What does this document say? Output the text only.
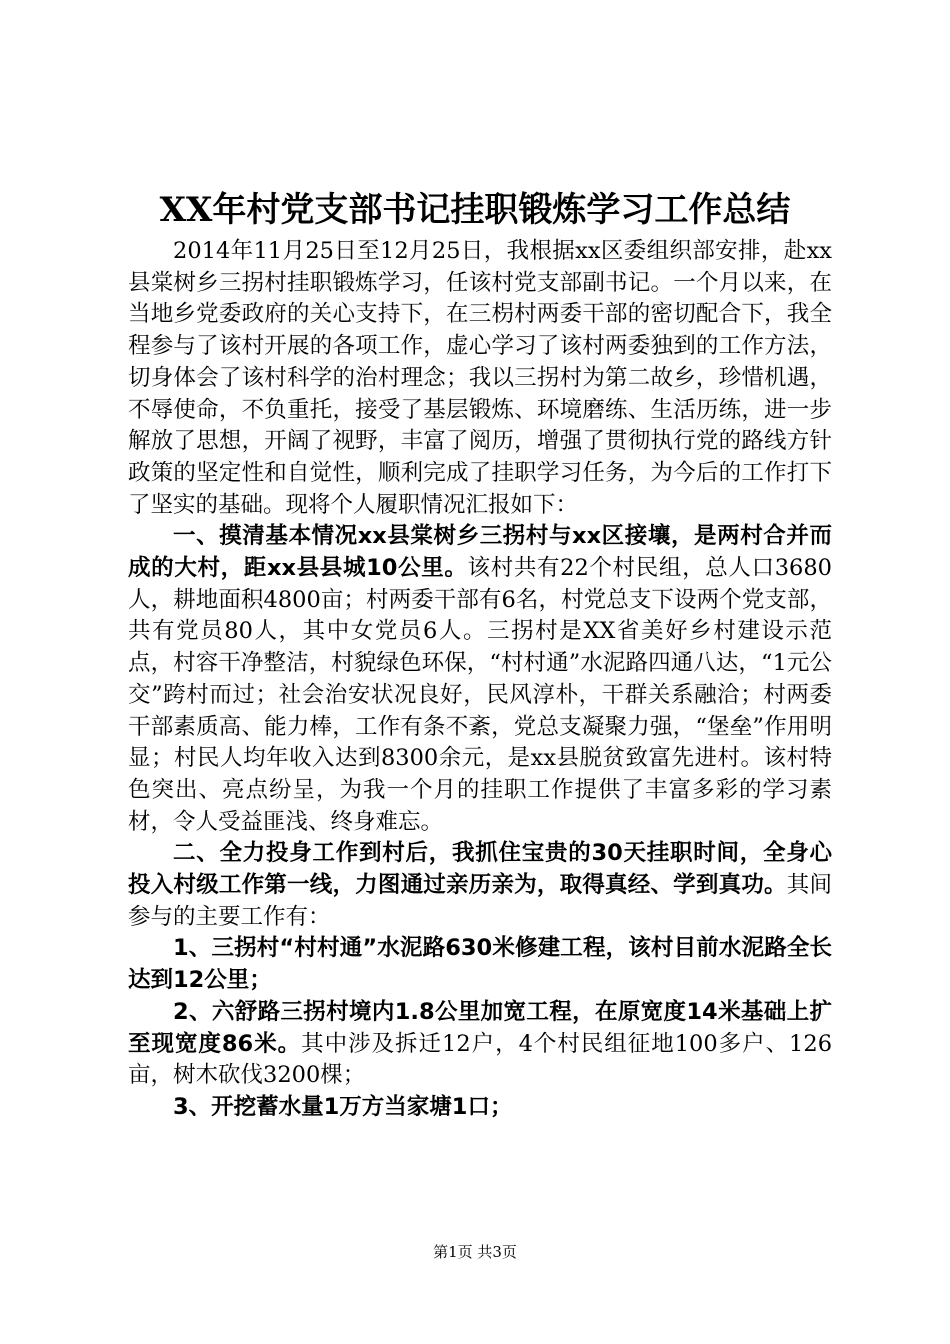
XX年村党支部书记挂职锻炼学习工作总结

2014年11月25日至12月25日，我根据xx区委组织部安排，赴xx县棠树乡三拐村挂职锻炼学习，任该村党支部副书记。一个月以来，在当地乡党委政府的关心支持下，在三枴村两委干部的密切配合下，我全程参与了该村开展的各项工作，虚心学习了该村两委独到的工作方法，切身体会了该村科学的治村理念；我以三拐村为第二故乡，珍惜机遇，不辱使命，不负重托，接受了基层锻炼、环境磨练、生活历练，进一步解放了思想，开阔了视野，丰富了阅历，增强了贯彻执行党的路线方针政策的坚定性和自觉性，顺利完成了挂职学习任务，为今后的工作打下了坚实的基础。现将个人履职情况汇报如下：

一、摸清基本情况xx县棠树乡三拐村与xx区接壤，是两村合并而成的大村，距xx县县城10公里。该村共有22个村民组，总人口3680人，耕地面积4800亩；村两委干部有6名，村党总支下设两个党支部，共有党员80人，其中女党员6人。三拐村是XX省美好乡村建设示范点，村容干净整洁，村貌绿色环保，“村村通”水泥路四通八达，“1元公交”跨村而过；社会治安状况良好，民风淳朴，干群关系融洽；村两委干部素质高、能力棒，工作有条不紊，党总支凝聚力强，“堡垒”作用明显；村民人均年收入达到8300余元，是xx县脱贫致富先进村。该村特色突出、亮点纷呈，为我一个月的挂职工作提供了丰富多彩的学习素材，令人受益匪浅、终身难忘。

二、全力投身工作到村后，我抓住宝贵的30天挂职时间，全身心投入村级工作第一线，力图通过亲历亲为，取得真经、学到真功。其间参与的主要工作有：

1、三拐村“村村通”水泥路630米修建工程，该村目前水泥路全长达到12公里；

2、六舒路三拐村境内1.8公里加宽工程，在原宽度14米基础上扩至现宽度86米。其中涉及拆迁12户，4个村民组征地100多户、126亩，树木砍伐3200棵；

3、开挖蓄水量1万方当家塘1口；

第1页 共3页
